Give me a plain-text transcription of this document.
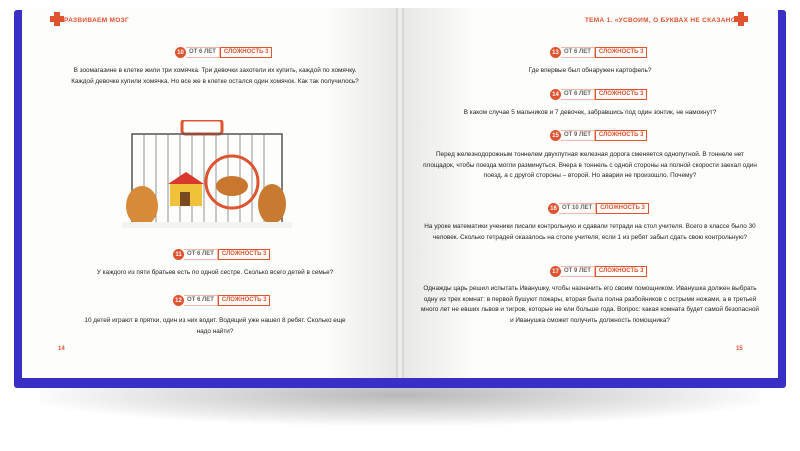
РАЗВИВАЕМ МОЗГ	ТЕМА 1. «УСВОИМ, О БУКВАХ НЕ СКАЗАНО»
10 ОТ 6 ЛЕТ	СЛОЖНОСТЬ 3
В зоомагазине в клетке жили три хомячка. Три девочки захотели их купить, каждой по хомячку. Каждой девочке купили хомячка. Но все же в клетке остался один хомячок. Как так получилось?
11 ОТ 6 ЛЕТ	СЛОЖНОСТЬ 3
У каждого из пяти братьев есть по одной сестре. Сколько всего детей в семье?
12 ОТ 6 ЛЕТ	СЛОЖНОСТЬ 3
10 детей играют в прятки, один из них водит. Водящий уже нашел 8 ребят. Сколько еще надо найти?
14
13 ОТ 6 ЛЕТ	СЛОЖНОСТЬ 3
Где впервые был обнаружен картофель?
14 ОТ 6 ЛЕТ	СЛОЖНОСТЬ 3
В каком случае 5 мальчиков и 7 девочек, забравшись под один зонтик, не намокнут?
15 ОТ 9 ЛЕТ	СЛОЖНОСТЬ 3
Перед железнодорожным тоннелем двухпутная железная дорога сменяется однопутной. В тоннеле нет площадок, чтобы поезда могли разминуться. Вчера в тоннель с одной стороны на полной скорости заехал один поезд, а с другой стороны – второй. Но аварии не произошло. Почему?
16 ОТ 10 ЛЕТ	СЛОЖНОСТЬ 3
На уроке математики ученики писали контрольную и сдавали тетради на стол учителя. Всего в классе было 30 человек. Сколько тетрадей оказалось на столе учителя, если 1 из ребят забыл сдать свою контрольную?
17 ОТ 9 ЛЕТ	СЛОЖНОСТЬ 3
Однажды царь решил испытать Иванушку, чтобы назначить его своим помощником. Иванушка должен выбрать одну из трех комнат: в первой бушуют пожары, вторая была полна разбойников с острыми ножами, а в третьей много лет не евших львов и тигров, которые не ели больше года. Вопрос: какая комната будет самой безопасной и Иванушка сможет получить должность помощника?
15
